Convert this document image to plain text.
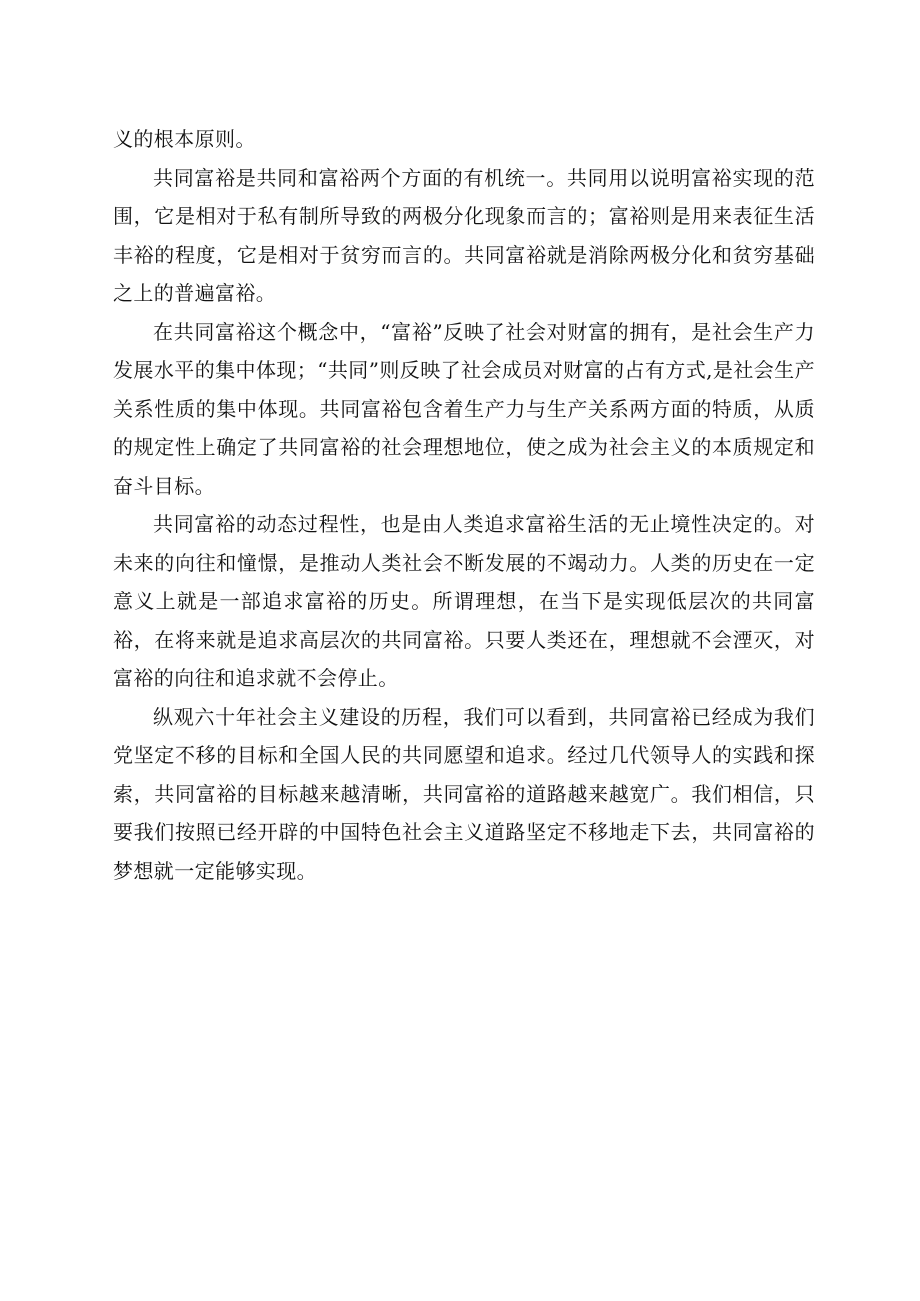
义的根本原则。

共同富裕是共同和富裕两个方面的有机统一。共同用以说明富裕实现的范围，它是相对于私有制所导致的两极分化现象而言的；富裕则是用来表征生活丰裕的程度，它是相对于贫穷而言的。共同富裕就是消除两极分化和贫穷基础之上的普遍富裕。

在共同富裕这个概念中，“富裕”反映了社会对财富的拥有，是社会生产力发展水平的集中体现；“共同”则反映了社会成员对财富的占有方式,是社会生产关系性质的集中体现。共同富裕包含着生产力与生产关系两方面的特质，从质的规定性上确定了共同富裕的社会理想地位，使之成为社会主义的本质规定和奋斗目标。

共同富裕的动态过程性，也是由人类追求富裕生活的无止境性决定的。对未来的向往和憧憬，是推动人类社会不断发展的不竭动力。人类的历史在一定意义上就是一部追求富裕的历史。所谓理想，在当下是实现低层次的共同富裕，在将来就是追求高层次的共同富裕。只要人类还在，理想就不会湮灭，对富裕的向往和追求就不会停止。

纵观六十年社会主义建设的历程，我们可以看到，共同富裕已经成为我们党坚定不移的目标和全国人民的共同愿望和追求。经过几代领导人的实践和探索，共同富裕的目标越来越清晰，共同富裕的道路越来越宽广。我们相信，只要我们按照已经开辟的中国特色社会主义道路坚定不移地走下去，共同富裕的梦想就一定能够实现。
